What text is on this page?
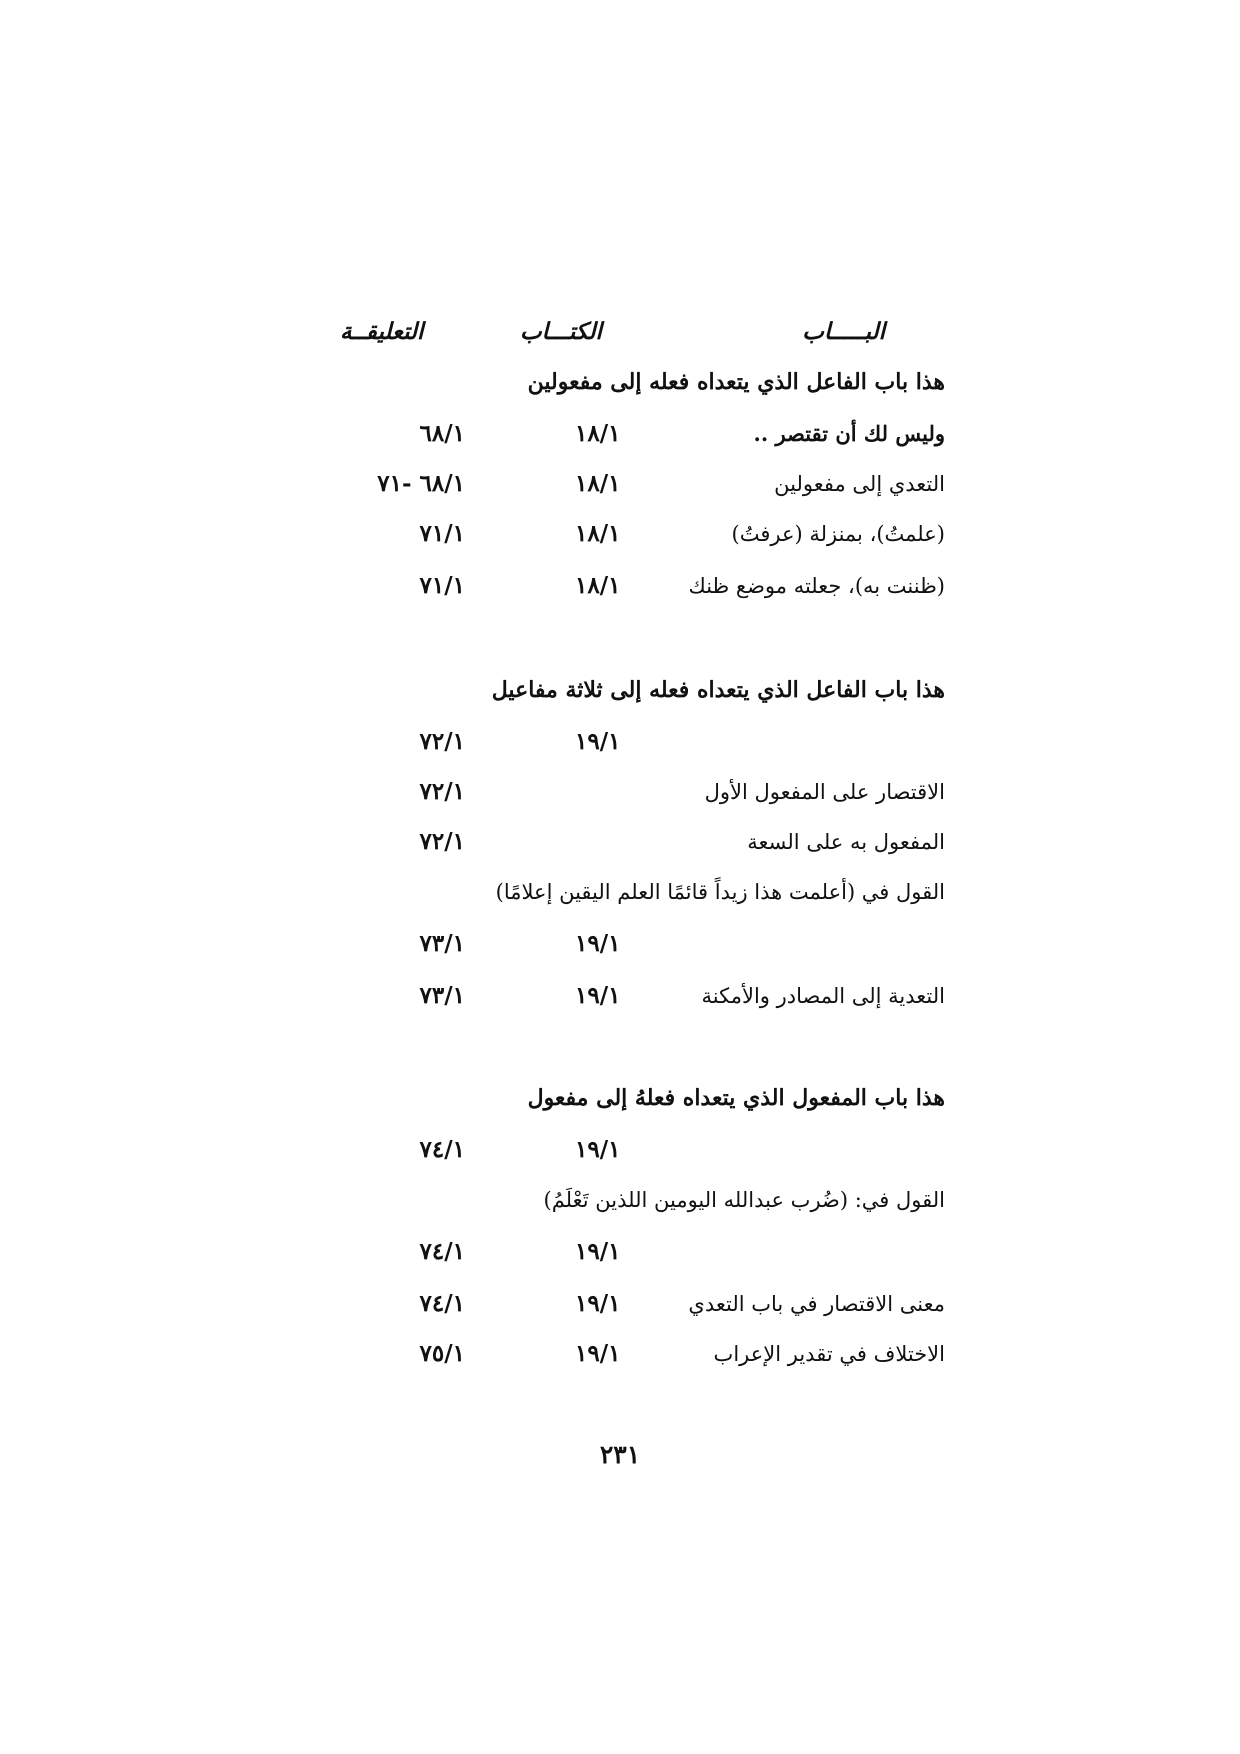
البـــــاب
الكتـــاب
التعليقــة
هذا باب الفاعل الذي يتعداه فعله إلى مفعولين
وليس لك أن تقتصر ..
١٨/١
٦٨/١
التعدي إلى مفعولين
١٨/١
٦٨/١ -٧١
(علمتُ)، بمنزلة (عرفتُ)
١٨/١
٧١/١
(ظننت به)، جعلته موضع ظنك
١٨/١
٧١/١
هذا باب الفاعل الذي يتعداه فعله إلى ثلاثة مفاعيل
١٩/١
٧٢/١
الاقتصار على المفعول الأول
٧٢/١
المفعول به على السعة
٧٢/١
القول في (أعلمت هذا زيداً قائمًا العلم اليقين إعلامًا)
١٩/١
٧٣/١
التعدية إلى المصادر والأمكنة
١٩/١
٧٣/١
هذا باب المفعول الذي يتعداه فعلهُ إلى مفعول
١٩/١
٧٤/١
القول في: (ضُرب عبدالله اليومين اللذين تَعْلَمُ)
١٩/١
٧٤/١
معنى الاقتصار في باب التعدي
١٩/١
٧٤/١
الاختلاف في تقدير الإعراب
١٩/١
٧٥/١
٢٣١
